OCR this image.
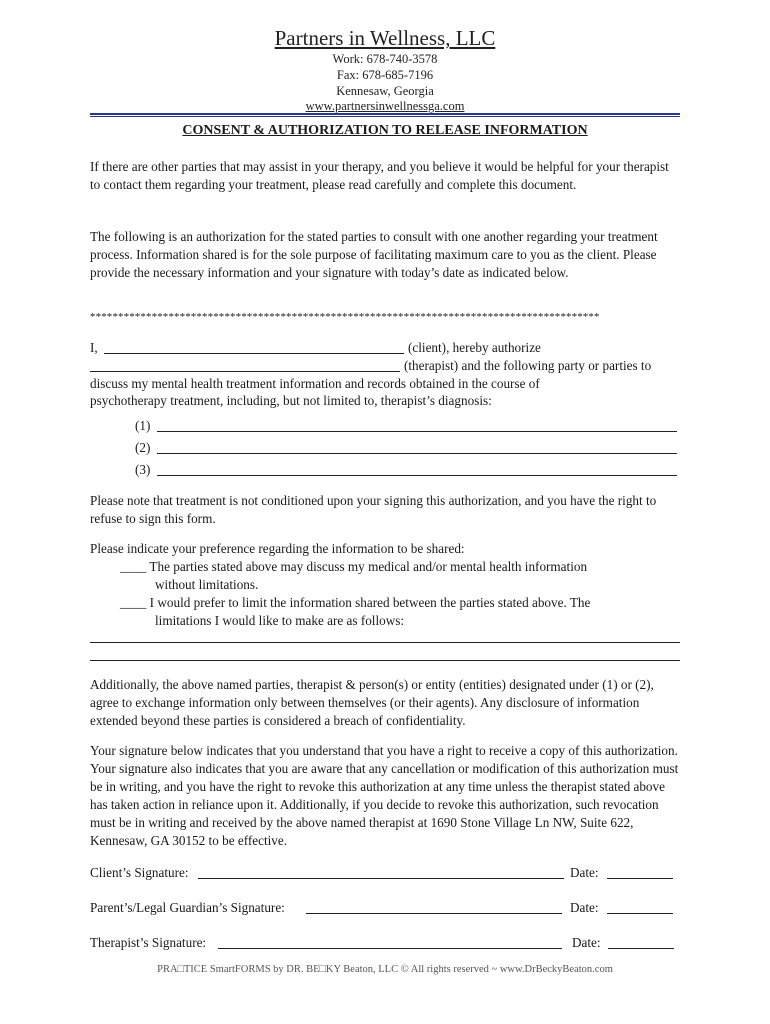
Partners in Wellness, LLC
Work: 678-740-3578
Fax: 678-685-7196
Kennesaw, Georgia
www.partnersinwellnessga.com
CONSENT & AUTHORIZATION TO RELEASE INFORMATION
If there are other parties that may assist in your therapy, and you believe it would be helpful for your therapist to contact them regarding your treatment, please read carefully and complete this document.
The following is an authorization for the stated parties to consult with one another regarding your treatment process. Information shared is for the sole purpose of facilitating maximum care to you as the client. Please provide the necessary information and your signature with today’s date as indicated below.
*******************************************************************************************
I,	(client), hereby authorize
(therapist) and the following party or parties to
discuss my mental health treatment information and records obtained in the course of
psychotherapy treatment, including, but not limited to, therapist’s diagnosis:
(1)
(2)
(3)
Please note that treatment is not conditioned upon your signing this authorization, and you have the right to refuse to sign this form.
Please indicate your preference regarding the information to be shared:
____ The parties stated above may discuss my medical and/or mental health information
without limitations.
____ I would prefer to limit the information shared between the parties stated above. The
limitations I would like to make are as follows:
Additionally, the above named parties, therapist & person(s) or entity (entities) designated under (1) or (2), agree to exchange information only between themselves (or their agents). Any disclosure of information extended beyond these parties is considered a breach of confidentiality.
Your signature below indicates that you understand that you have a right to receive a copy of this authorization. Your signature also indicates that you are aware that any cancellation or modification of this authorization must be in writing, and you have the right to revoke this authorization at any time unless the therapist stated above has taken action in reliance upon it. Additionally, if you decide to revoke this authorization, such revocation must be in writing and received by the above named therapist at 1690 Stone Village Ln NW, Suite 622, Kennesaw, GA 30152 to be effective.
Client’s Signature:	Date:
Parent’s/Legal Guardian’s Signature:	Date:
Therapist’s Signature:	Date:
PRA□TICE SmartFORMS by DR. BE□KY Beaton, LLC © All rights reserved ~ www.DrBeckyBeaton.com
